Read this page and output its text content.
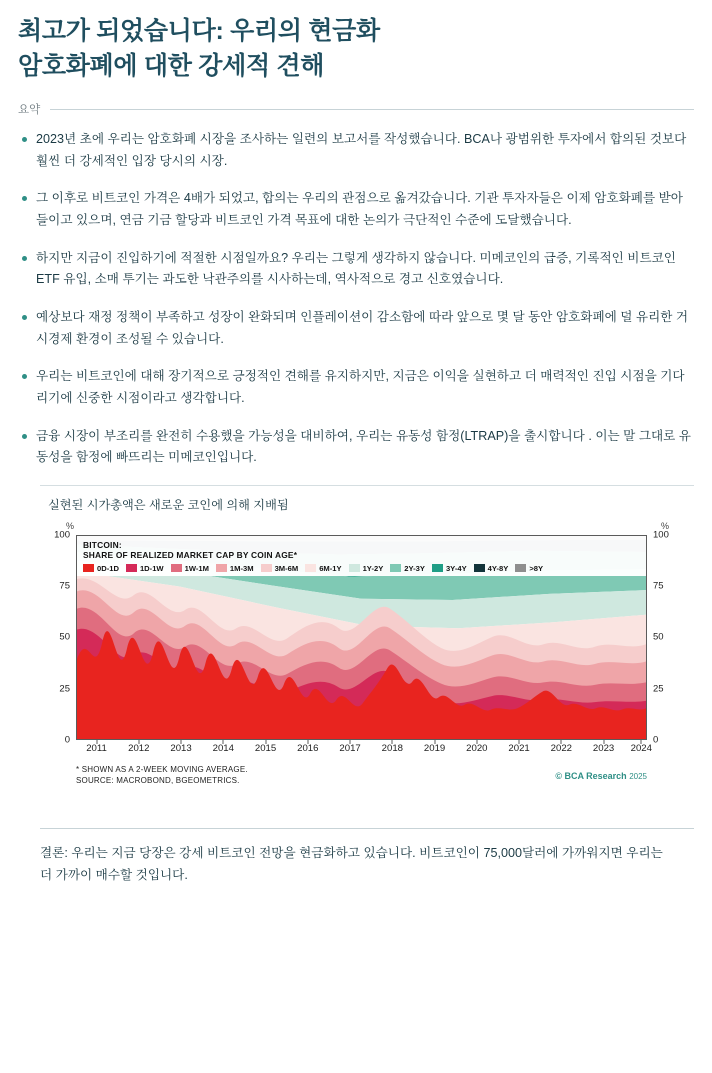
최고가 되었습니다: 우리의 현금화
암호화폐에 대한 강세적 견해
요약
2023년 초에 우리는 암호화폐 시장을 조사하는 일련의 보고서를 작성했습니다. BCA나 광범위한 투자에서 합의된 것보다 훨씬 더 강세적인 입장 당시의 시장.
그 이후로 비트코인 가격은 4배가 되었고, 합의는 우리의 관점으로 옮겨갔습니다. 기관 투자자들은 이제 암호화폐를 받아들이고 있으며, 연금 기금 할당과 비트코인 가격 목표에 대한 논의가 극단적인 수준에 도달했습니다.
하지만 지금이 진입하기에 적절한 시점일까요? 우리는 그렇게 생각하지 않습니다. 미메코인의 급증, 기록적인 비트코인 ETF 유입, 소매 투기는 과도한 낙관주의를 시사하는데, 역사적으로 경고 신호였습니다.
예상보다 재정 정책이 부족하고 성장이 완화되며 인플레이션이 감소함에 따라 앞으로 몇 달 동안 암호화폐에 덜 유리한 거시경제 환경이 조성될 수 있습니다.
우리는 비트코인에 대해 장기적으로 긍정적인 견해를 유지하지만, 지금은 이익을 실현하고 더 매력적인 진입 시점을 기다리기에 신중한 시점이라고 생각합니다.
금융 시장이 부조리를 완전히 수용했을 가능성을 대비하여, 우리는 유동성 함정(LTRAP)을 출시합니다 . 이는 말 그대로 유동성을 함정에 빠뜨리는 미메코인입니다.
실현된 시가총액은 새로운 코인에 의해 지배됨
%	%
100
75
50
25
0
100
75
50
25
0
BITCOIN:
SHARE OF REALIZED MARKET CAP BY COIN AGE*
0D-1D	1D-1W	1W-1M	1M-3M	3M-6M	6M-1Y	1Y-2Y	2Y-3Y	3Y-4Y	4Y-8Y	>8Y
2011 2012 2013 2014 2015 2016 2017 2018 2019 2020 2021 2022 2023 2024
* SHOWN AS A 2-WEEK MOVING AVERAGE.
SOURCE: MACROBOND, BGEOMETRICS.
© BCA Research 2025
결론: 우리는 지금 당장은 강세 비트코인 전망을 현금화하고 있습니다. 비트코인이 75,000달러에 가까워지면 우리는 더 가까이 매수할 것입니다.
